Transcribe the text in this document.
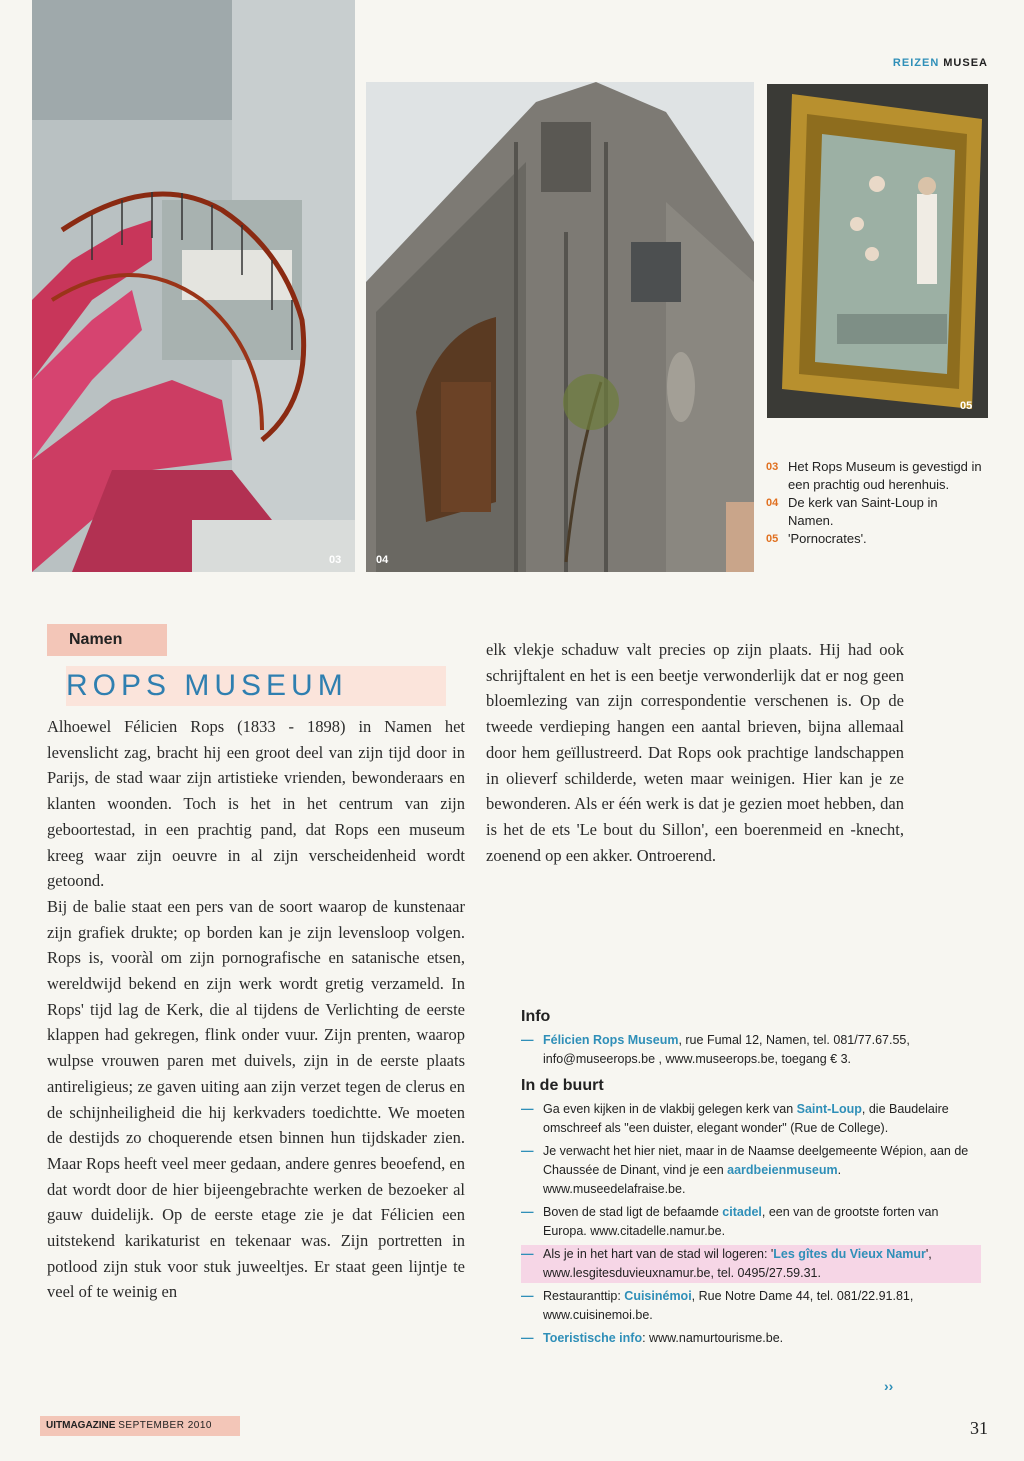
03	04
05
REIZEN MUSEA
03 Het Rops Museum is gevestigd in een prachtig oud herenhuis.
04 De kerk van Saint-Loup in Namen.
05 'Pornocrates'.
Namen
ROPS MUSEUM

Alhoewel Félicien Rops (1833 - 1898) in Namen het levenslicht zag, bracht hij een groot deel van zijn tijd door in Parijs, de stad waar zijn artistieke vrienden, bewonderaars en klanten woonden. Toch is het in het centrum van zijn geboortestad, in een prachtig pand, dat Rops een museum kreeg waar zijn oeuvre in al zijn verscheidenheid wordt getoond.

Bij de balie staat een pers van de soort waarop de kunstenaar zijn grafiek drukte; op borden kan je zijn levensloop volgen. Rops is, vooràl om zijn pornografische en satanische etsen, wereldwijd bekend en zijn werk wordt gretig verzameld. In Rops' tijd lag de Kerk, die al tijdens de Verlichting de eerste klappen had gekregen, flink onder vuur. Zijn prenten, waarop wulpse vrouwen paren met duivels, zijn in de eerste plaats antireligieus; ze gaven uiting aan zijn verzet tegen de clerus en de schijnheiligheid die hij kerkvaders toedichtte. We moeten de destijds zo choquerende etsen binnen hun tijdskader zien. Maar Rops heeft veel meer gedaan, andere genres beoefend, en dat wordt door de hier bijeengebrachte werken de bezoeker al gauw duidelijk. Op de eerste etage zie je dat Félicien een uitstekend karikaturist en tekenaar was. Zijn portretten in potlood zijn stuk voor stuk juweeltjes. Er staat geen lijntje te veel of te weinig en

elk vlekje schaduw valt precies op zijn plaats. Hij had ook schrijftalent en het is een beetje verwonderlijk dat er nog geen bloemlezing van zijn correspondentie verschenen is. Op de tweede verdieping hangen een aantal brieven, bijna allemaal door hem geïllustreerd. Dat Rops ook prachtige landschappen in olieverf schilderde, weten maar weinigen. Hier kan je ze bewonderen. Als er één werk is dat je gezien moet hebben, dan is het de ets 'Le bout du Sillon', een boerenmeid en -knecht, zoenend op een akker. Ontroerend.

Info
— Félicien Rops Museum, rue Fumal 12, Namen, tel. 081/77.67.55, info@museerops.be , www.museerops.be, toegang € 3.
In de buurt
— Ga even kijken in de vlakbij gelegen kerk van Saint-Loup, die Baudelaire omschreef als "een duister, elegant wonder" (Rue de College).
— Je verwacht het hier niet, maar in de Naamse deelgemeente Wépion, aan de Chaussée de Dinant, vind je een aardbeienmuseum. www.museedelafraise.be.
— Boven de stad ligt de befaamde citadel, een van de grootste forten van Europa. www.citadelle.namur.be.
— Als je in het hart van de stad wil logeren: 'Les gîtes du Vieux Namur', www.lesgitesduvieuxnamur.be, tel. 0495/27.59.31.
— Restauranttip: Cuisinémoi, Rue Notre Dame 44, tel. 081/22.91.81, www.cuisinemoi.be.
— Toeristische info: www.namurtourisme.be.
››
UITMAGAZINE SEPTEMBER 2010	31
